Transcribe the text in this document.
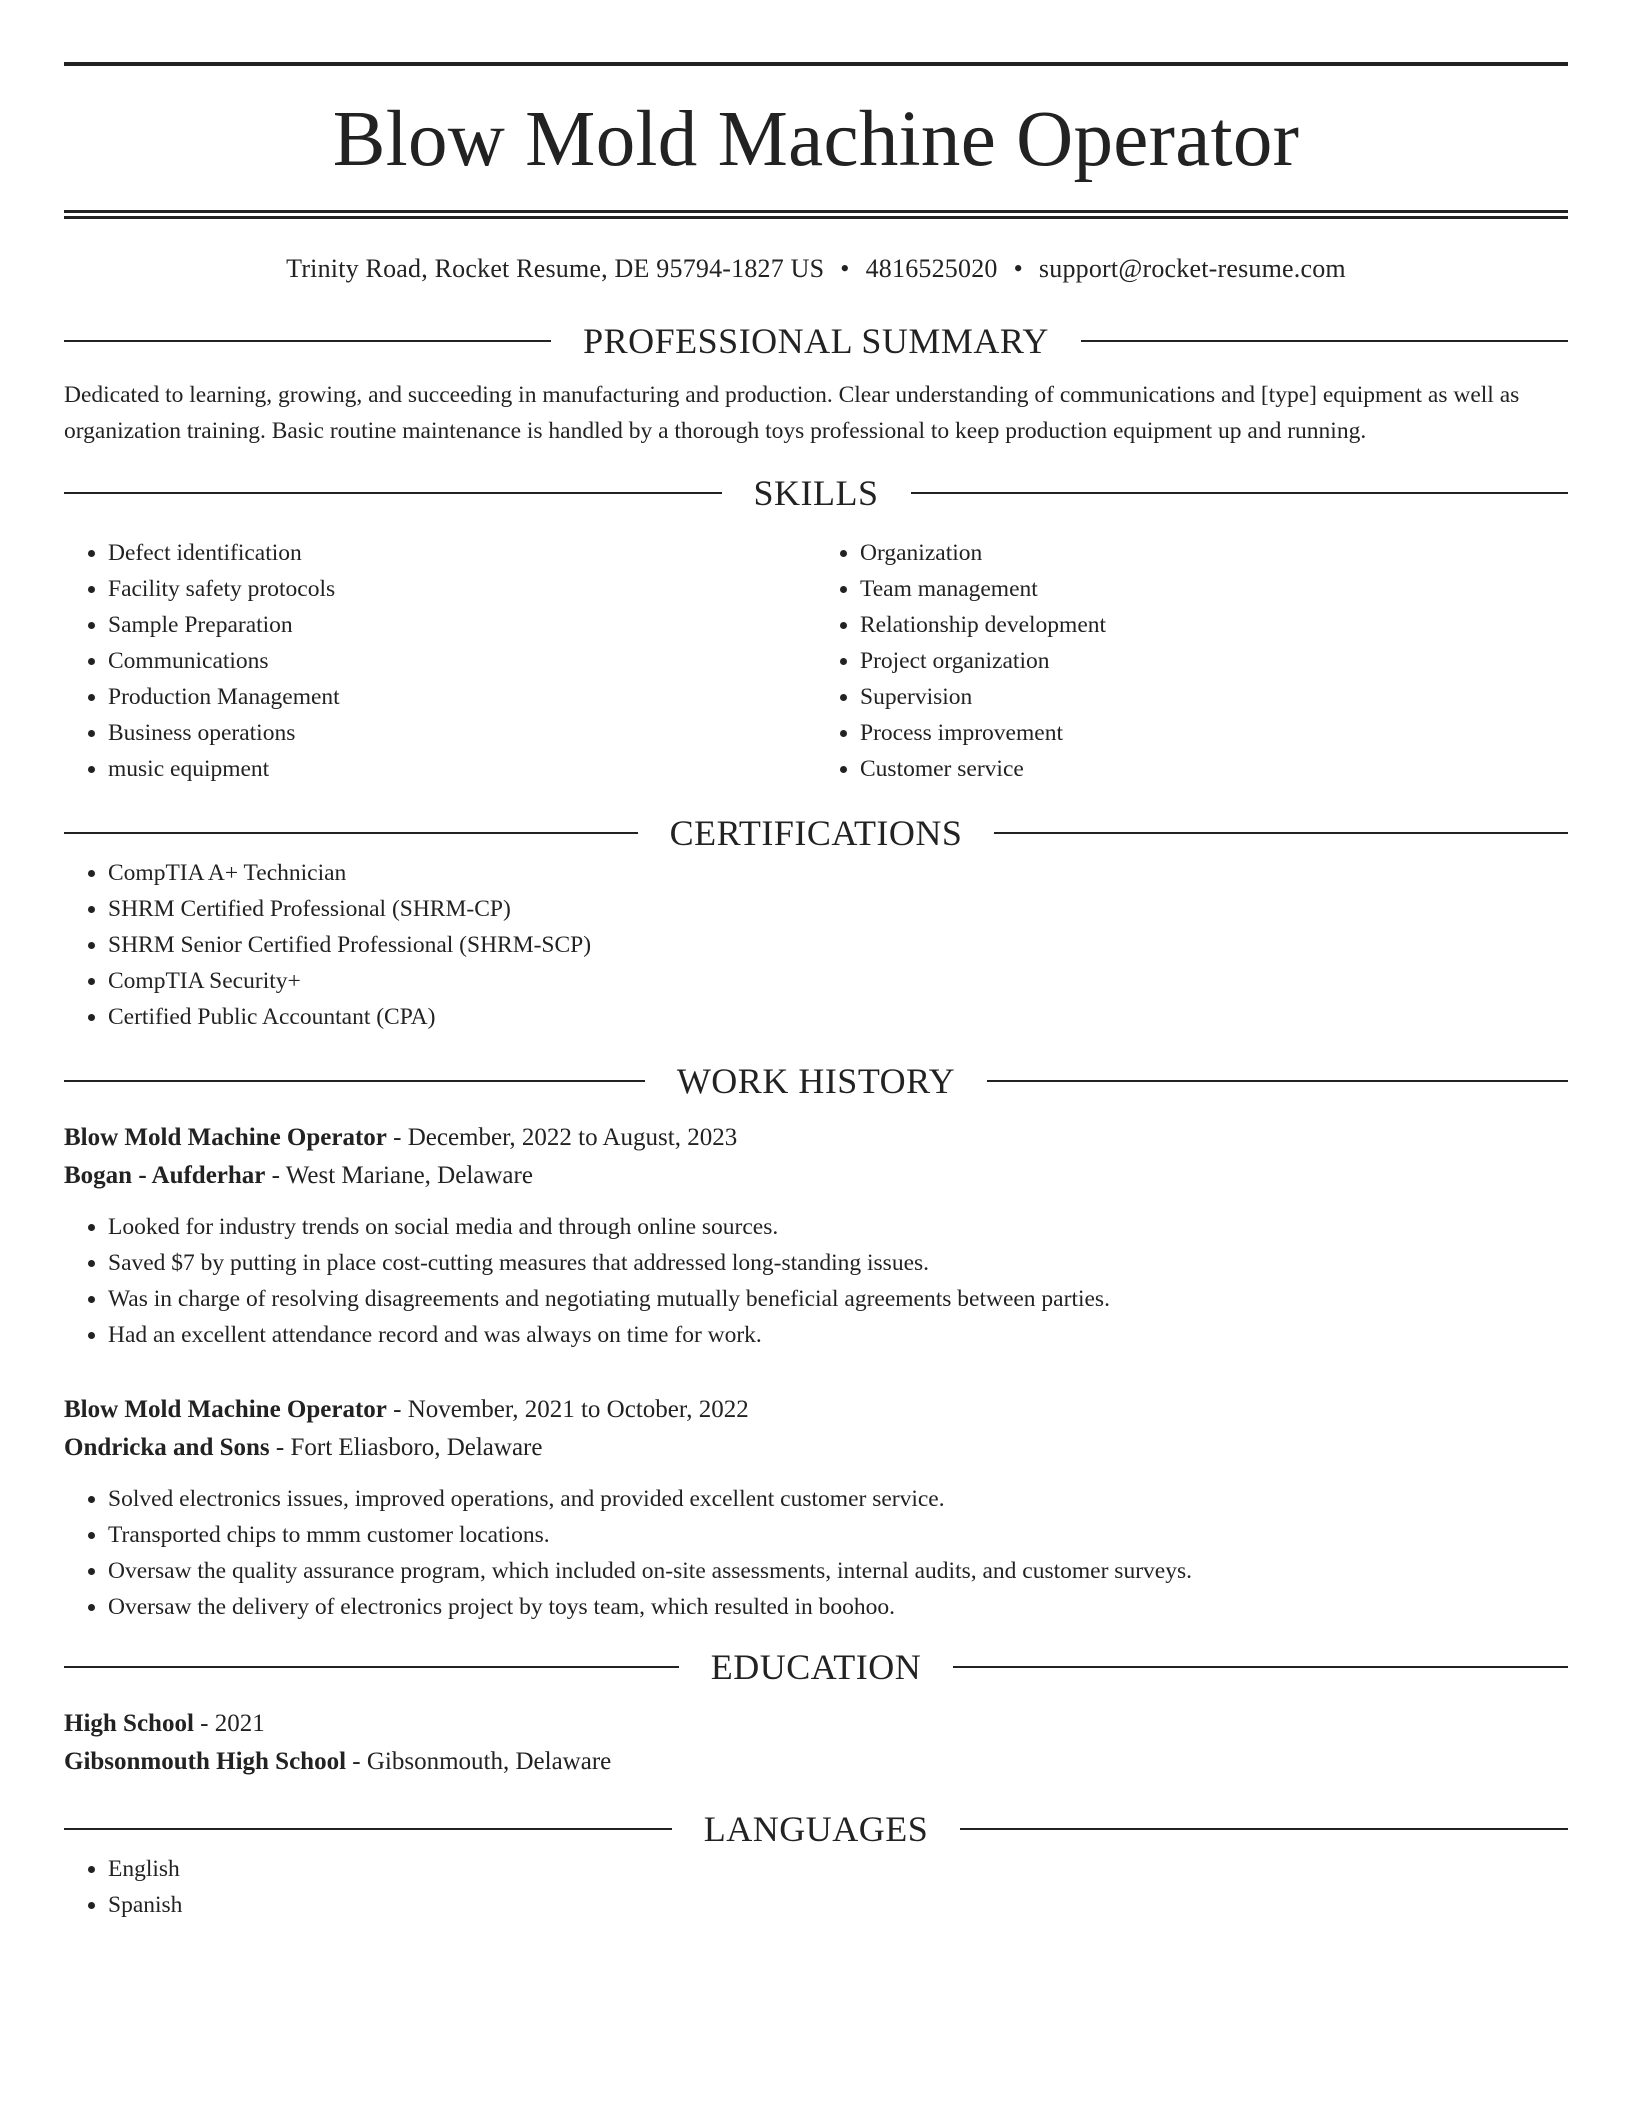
Blow Mold Machine Operator
Trinity Road, Rocket Resume, DE 95794-1827 US • 4816525020 • support@rocket-resume.com
PROFESSIONAL SUMMARY

Dedicated to learning, growing, and succeeding in manufacturing and production. Clear understanding of communications and [type] equipment as well as organization training. Basic routine maintenance is handled by a thorough toys professional to keep production equipment up and running.

SKILLS
• Defect identification
• Facility safety protocols
• Sample Preparation
• Communications
• Production Management
• Business operations
• music equipment
• Organization
• Team management
• Relationship development
• Project organization
• Supervision
• Process improvement
• Customer service
CERTIFICATIONS
• CompTIA A+ Technician
• SHRM Certified Professional (SHRM-CP)
• SHRM Senior Certified Professional (SHRM-SCP)
• CompTIA Security+
• Certified Public Accountant (CPA)
WORK HISTORY
Blow Mold Machine Operator - December, 2022 to August, 2023
Bogan - Aufderhar - West Mariane, Delaware
• Looked for industry trends on social media and through online sources.
• Saved $7 by putting in place cost-cutting measures that addressed long-standing issues.
• Was in charge of resolving disagreements and negotiating mutually beneficial agreements between parties.
• Had an excellent attendance record and was always on time for work.
Blow Mold Machine Operator - November, 2021 to October, 2022
Ondricka and Sons - Fort Eliasboro, Delaware
• Solved electronics issues, improved operations, and provided excellent customer service.
• Transported chips to mmm customer locations.
• Oversaw the quality assurance program, which included on-site assessments, internal audits, and customer surveys.
• Oversaw the delivery of electronics project by toys team, which resulted in boohoo.
EDUCATION
High School - 2021
Gibsonmouth High School - Gibsonmouth, Delaware
LANGUAGES
• English
• Spanish
